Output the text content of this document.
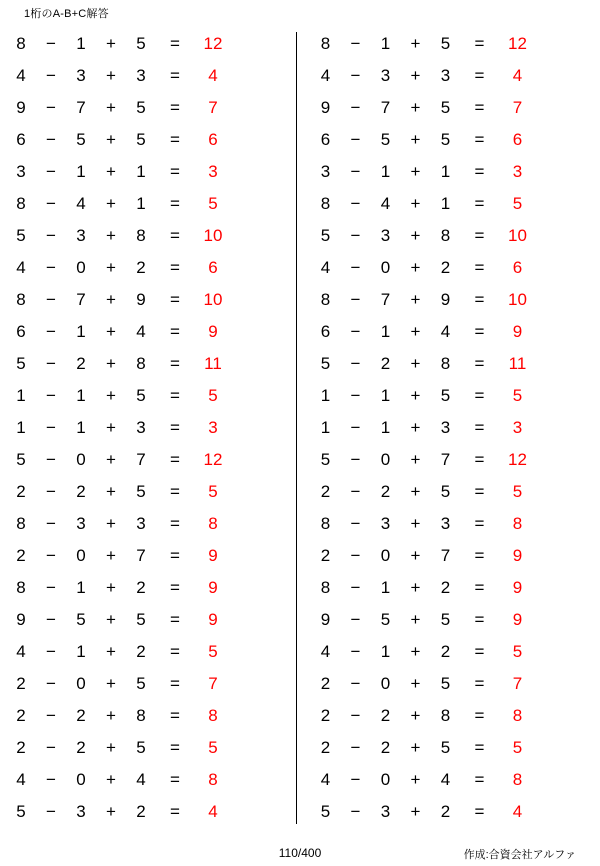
1桁のA-B+C解答
8	−	1	+	5	=	12
4	−	3	+	3	=	4
9	−	7	+	5	=	7
6	−	5	+	5	=	6
3	−	1	+	1	=	3
8	−	4	+	1	=	5
5	−	3	+	8	=	10
4	−	0	+	2	=	6
8	−	7	+	9	=	10
6	−	1	+	4	=	9
5	−	2	+	8	=	11
1	−	1	+	5	=	5
1	−	1	+	3	=	3
5	−	0	+	7	=	12
2	−	2	+	5	=	5
8	−	3	+	3	=	8
2	−	0	+	7	=	9
8	−	1	+	2	=	9
9	−	5	+	5	=	9
4	−	1	+	2	=	5
2	−	0	+	5	=	7
2	−	2	+	8	=	8
2	−	2	+	5	=	5
4	−	0	+	4	=	8
5	−	3	+	2	=	4
8	−	1	+	5	=	12
4	−	3	+	3	=	4
9	−	7	+	5	=	7
6	−	5	+	5	=	6
3	−	1	+	1	=	3
8	−	4	+	1	=	5
5	−	3	+	8	=	10
4	−	0	+	2	=	6
8	−	7	+	9	=	10
6	−	1	+	4	=	9
5	−	2	+	8	=	11
1	−	1	+	5	=	5
1	−	1	+	3	=	3
5	−	0	+	7	=	12
2	−	2	+	5	=	5
8	−	3	+	3	=	8
2	−	0	+	7	=	9
8	−	1	+	2	=	9
9	−	5	+	5	=	9
4	−	1	+	2	=	5
2	−	0	+	5	=	7
2	−	2	+	8	=	8
2	−	2	+	5	=	5
4	−	0	+	4	=	8
5	−	3	+	2	=	4
110/400	作成:合資会社アルファ
